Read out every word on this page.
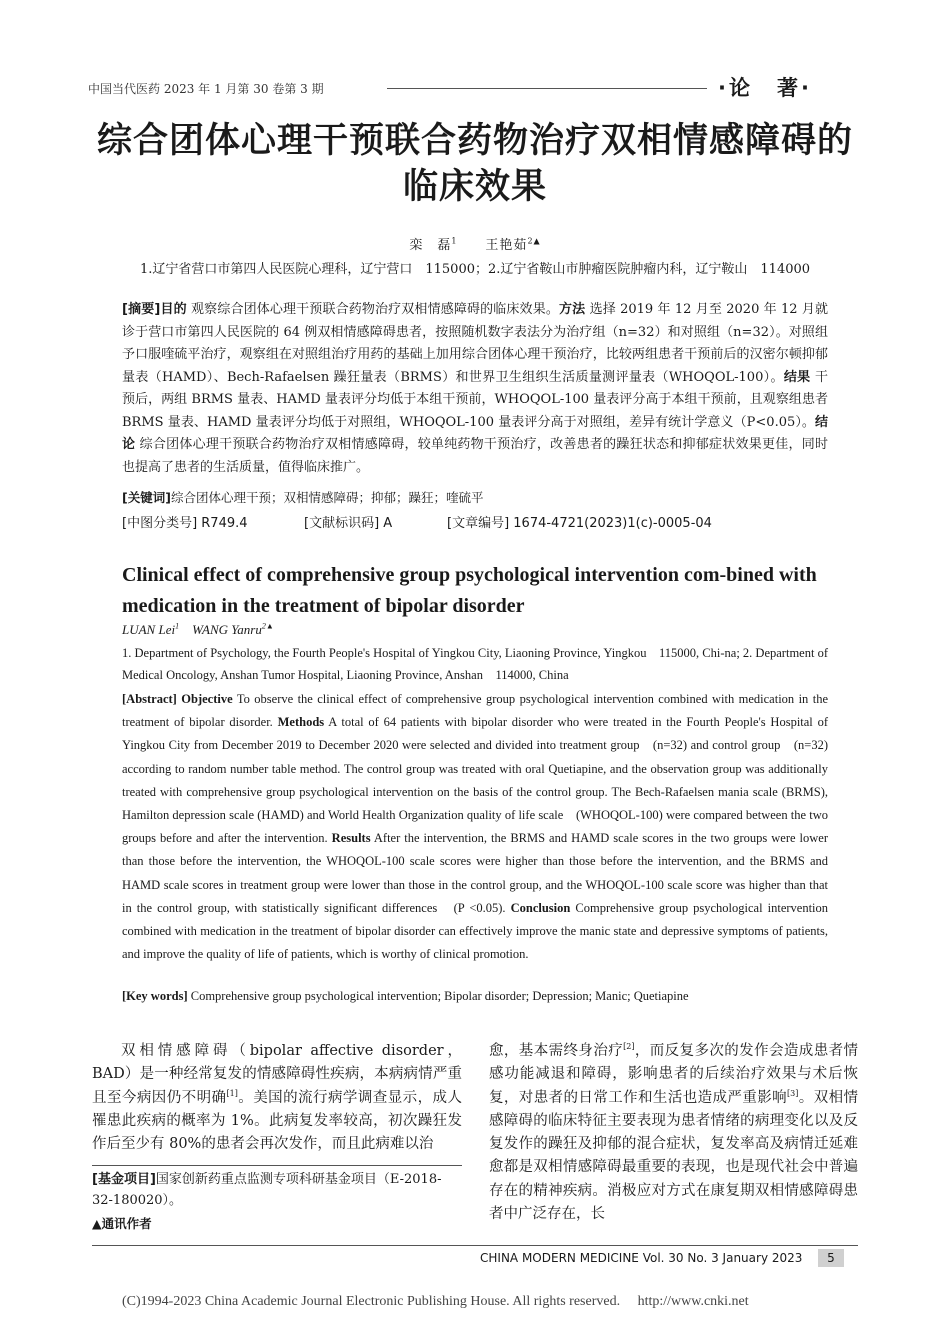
中国当代医药 2023 年 1 月第 30 卷第 3 期	·论　著·
综合团体心理干预联合药物治疗双相情感障碍的
临床效果
栾　磊$^1$ 王艳茹$^{2▲}$
1.辽宁省营口市第四人民医院心理科，辽宁营口　115000；2.辽宁省鞍山市肿瘤医院肿瘤内科，辽宁鞍山　114000
[摘要]目的 观察综合团体心理干预联合药物治疗双相情感障碍的临床效果。方法 选择 2019 年 12 月至 2020 年 12 月就诊于营口市第四人民医院的 64 例双相情感障碍患者，按照随机数字表法分为治疗组（n=32）和对照组（n=32）。对照组予口服喹硫平治疗，观察组在对照组治疗用药的基础上加用综合团体心理干预治疗，比较两组患者干预前后的汉密尔顿抑郁量表（HAMD）、Bech-Rafaelsen 躁狂量表（BRMS）和世界卫生组织生活质量测评量表（WHOQOL-100）。结果 干预后，两组 BRMS 量表、HAMD 量表评分均低于本组干预前，WHOQOL-100 量表评分高于本组干预前，且观察组患者 BRMS 量表、HAMD 量表评分均低于对照组，WHOQOL-100 量表评分高于对照组，差异有统计学意义（P<0.05）。结论 综合团体心理干预联合药物治疗双相情感障碍，较单纯药物干预治疗，改善患者的躁狂状态和抑郁症状效果更佳，同时也提高了患者的生活质量，值得临床推广。
[关键词]综合团体心理干预；双相情感障碍；抑郁；躁狂；喹硫平
[中图分类号] R749.4	[文献标识码] A	[文章编号] 1674-4721(2023)1(c)-0005-04
Clinical effect of comprehensive group psychological intervention com-bined with medication in the treatment of bipolar disorder
LUAN Lei$^1$ WANG Yanru$^{2▲}$
1. Department of Psychology, the Fourth People's Hospital of Yingkou City, Liaoning Province, Yingkou　115000, Chi-na; 2. Department of Medical Oncology, Anshan Tumor Hospital, Liaoning Province, Anshan　114000, China
[Abstract] Objective To observe the clinical effect of comprehensive group psychological intervention combined with medication in the treatment of bipolar disorder. Methods A total of 64 patients with bipolar disorder who were treated in the Fourth People's Hospital of Yingkou City from December 2019 to December 2020 were selected and divided into treatment group　(n=32) and control group　(n=32) according to random number table method. The control group was treated with oral Quetiapine, and the observation group was additionally treated with comprehensive group psychological intervention on the basis of the control group. The Bech-Rafaelsen mania scale (BRMS), Hamilton depression scale (HAMD) and World Health Organization quality of life scale　(WHOQOL-100) were compared between the two groups before and after the intervention. Results After the intervention, the BRMS and HAMD scale scores in the two groups were lower than those before the intervention, the WHOQOL-100 scale scores were higher than those before the intervention, and the BRMS and HAMD scale scores in treatment group were lower than those in the control group, and the WHOQOL-100 scale score was higher than that in the control group, with statistically significant differences　(P <0.05). Conclusion Comprehensive group psychological intervention combined with medication in the treatment of bipolar disorder can effectively improve the manic state and depressive symptoms of patients, and improve the quality of life of patients, which is worthy of clinical promotion.
[Key words] Comprehensive group psychological intervention; Bipolar disorder; Depression; Manic; Quetiapine
双相情感障碍（bipolar affective disorder，BAD）是一种经常复发的情感障碍性疾病，本病病情严重且至今病因仍不明确[1]。美国的流行病学调查显示，成人罹患此疾病的概率为 1%。此病复发率较高，初次躁狂发作后至少有 80%的患者会再次发作，而且此病难以治
愈，基本需终身治疗[2]，而反复多次的发作会造成患者情感功能减退和障碍，影响患者的后续治疗效果与术后恢复，对患者的日常工作和生活也造成严重影响[3]。双相情感障碍的临床特征主要表现为患者情绪的病理变化以及反复发作的躁狂及抑郁的混合症状，复发率高及病情迁延难愈都是双相情感障碍最重要的表现，也是现代社会中普遍存在的精神疾病。消极应对方式在康复期双相情感障碍患者中广泛存在，长
[基金项目]国家创新药重点监测专项科研基金项目（E-2018-32-180020）。
▲通讯作者
CHINA MODERN MEDICINE Vol. 30 No. 3 January 2023	5
(C)1994-2023 China Academic Journal Electronic Publishing House. All rights reserved.　 http://www.cnki.net
